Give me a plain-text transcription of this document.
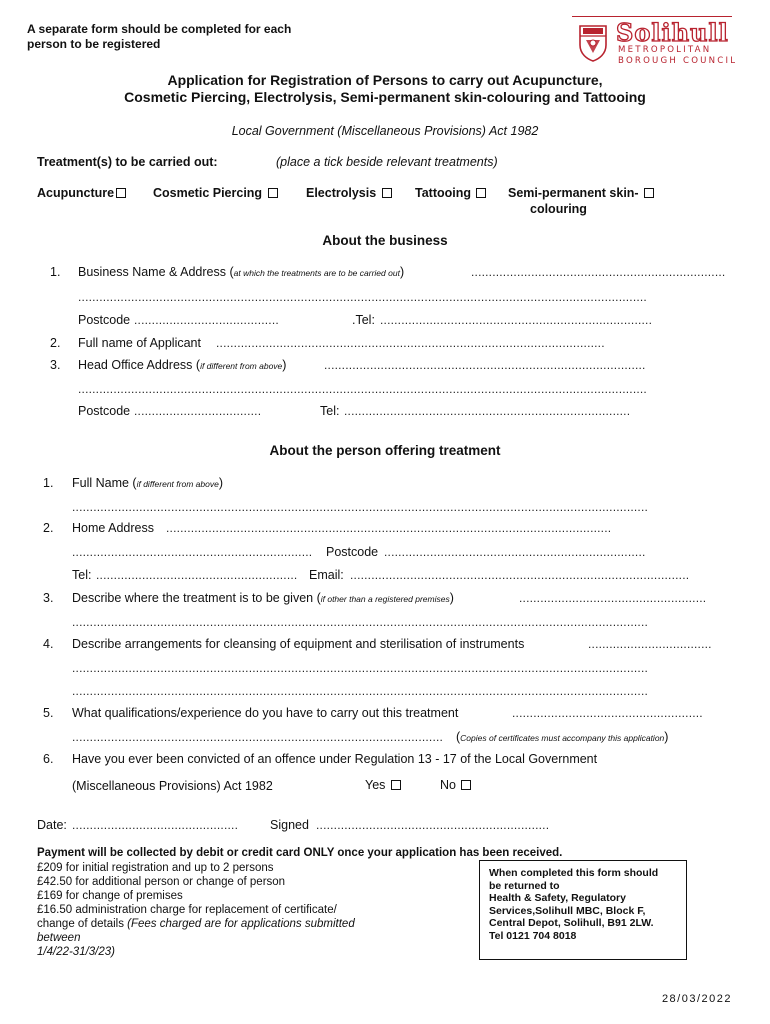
A separate form should be completed for each person to be registered	Solihull
METROPOLITAN
BOROUGH COUNCIL
Application for Registration of Persons to carry out Acupuncture,
Cosmetic Piercing, Electrolysis, Semi-permanent skin-colouring and Tattooing
Local Government (Miscellaneous Provisions) Act 1982
Treatment(s) to be carried out:	(place a tick beside relevant treatments)
Acupuncture	Cosmetic Piercing	Electrolysis	Tattooing	Semi-permanent skin-
colouring
About the business
1. Business Name & Address (at which the treatments are to be carried out)	........................................................................
.................................................................................................................................................................
Postcode .........................................	.Tel: .............................................................................
2. Full name of Applicant ..............................................................................................................
3. Head Office Address (if different from above)	...........................................................................................
.................................................................................................................................................................
Postcode ....................................	Tel: .................................................................................
About the person offering treatment
1. Full Name (if different from above)
...................................................................................................................................................................
2. Home Address ..............................................................................................................................
.................................................................... Postcode ..........................................................................
Tel: ......................................................... Email: ................................................................................................
3. Describe where the treatment is to be given (if other than a registered premises)	.....................................................
...................................................................................................................................................................
4. Describe arrangements for cleansing of equipment and sterilisation of instruments	...................................
...................................................................................................................................................................
...................................................................................................................................................................
5. What qualifications/experience do you have to carry out this treatment	......................................................
......................................................................................................... (Copies of certificates must accompany this application)
6. Have you ever been convicted of an offence under Regulation 13 - 17 of the Local Government
(Miscellaneous Provisions) Act 1982	Yes	No
Date: ...............................................	Signed ..................................................................
Payment will be collected by debit or credit card ONLY once your application has been received.
£209 for initial registration and up to 2 persons
£42.50 for additional person or change of person
£169 for change of premises
£16.50 administration charge for replacement of certificate/
change of details (Fees charged are for applications submitted
between
1/4/22-31/3/23)
When completed this form should
be returned to
Health & Safety, Regulatory
Services,Solihull MBC, Block F,
Central Depot, Solihull, B91 2LW.
Tel 0121 704 8018
28/03/2022
